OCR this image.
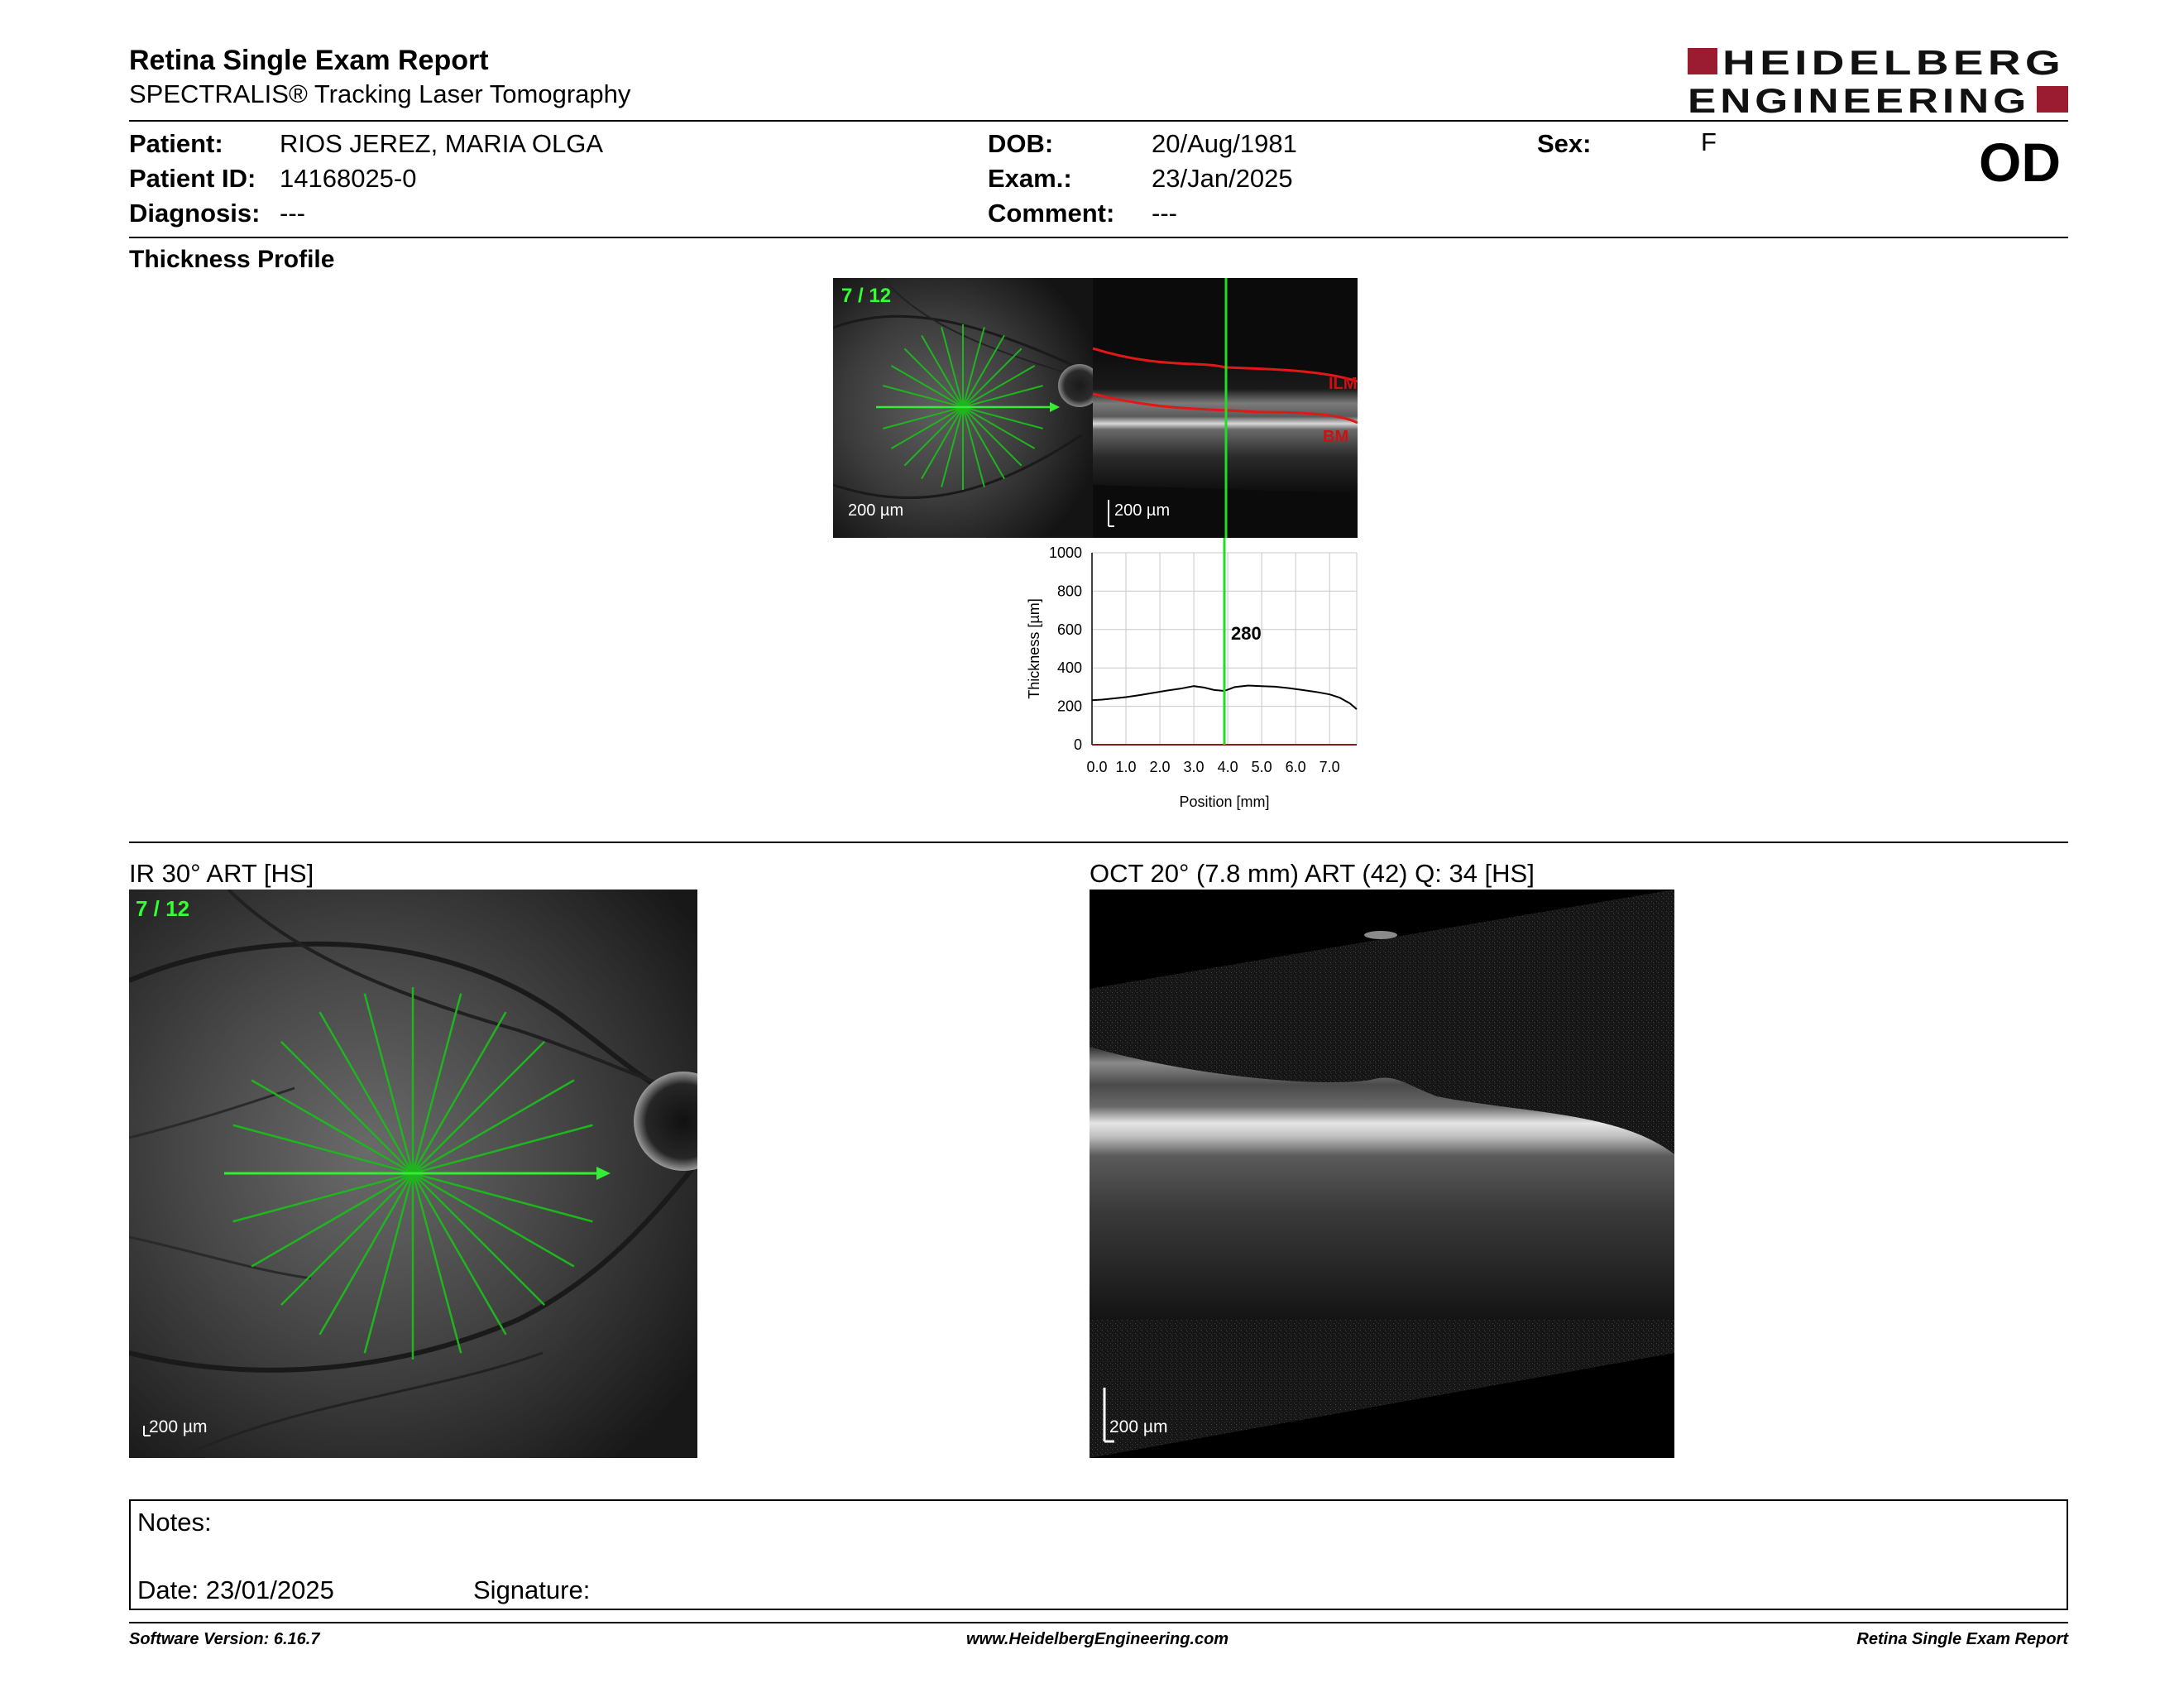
Retina Single Exam Report
SPECTRALIS® Tracking Laser Tomography
HEIDELBERG
ENGINEERING
Patient: RIOS JEREZ, MARIA OLGA
Patient ID: 14168025-0
Diagnosis: ---
DOB:	20/Aug/1981
Exam.:	23/Jan/2025
Comment: ---
Sex:	F	OD
Thickness Profile
7 / 12
200 µm
ILM
BM
200 µm
1000
800
600
400
200
0
0.0 1.0 2.0 3.0 4.0 5.0 6.0 7.0
280
Position [mm]
Thickness [µm]
IR 30° ART [HS]
7 / 12
200 µm
OCT 20° (7.8 mm) ART (42) Q: 34 [HS]
200 µm
Notes:
Date: 23/01/2025	Signature:
Software Version: 6.16.7	www.HeidelbergEngineering.com	Retina Single Exam Report
